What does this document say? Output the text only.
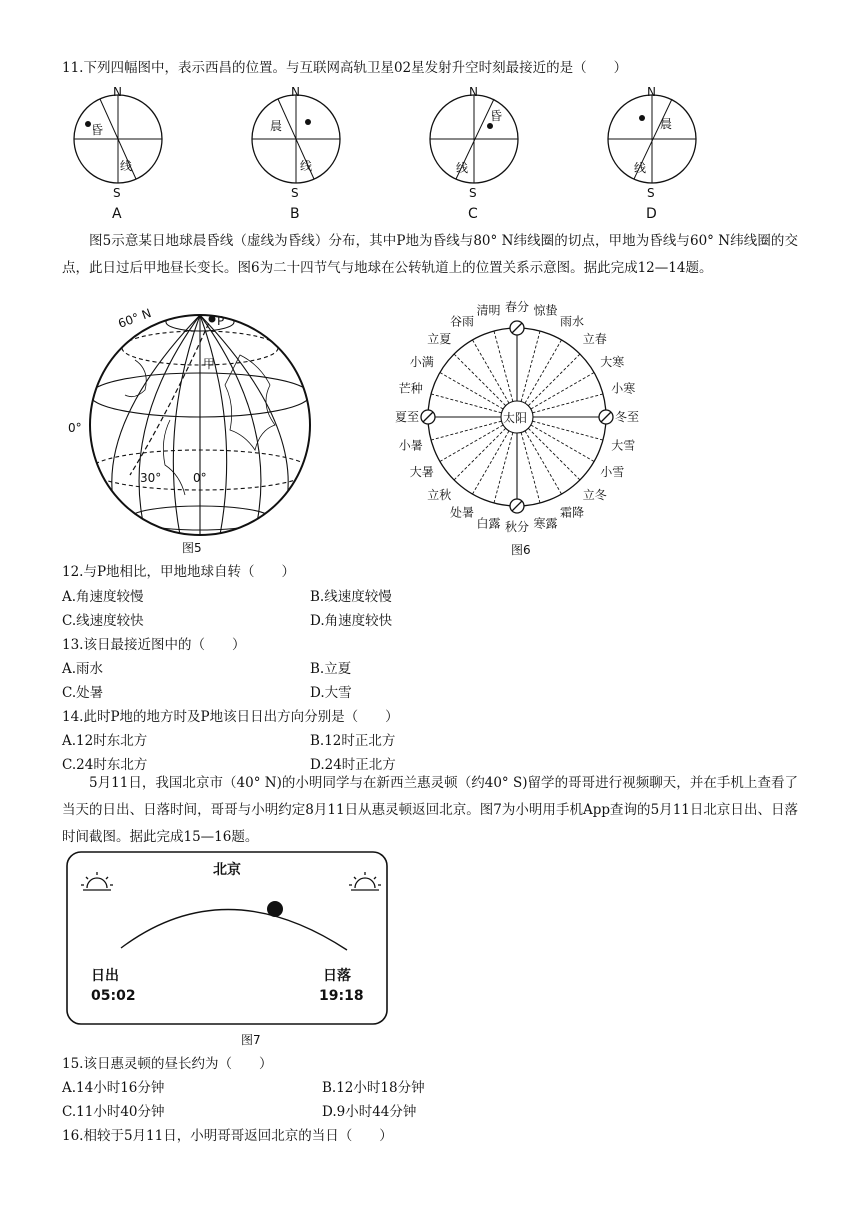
11.下列四幅图中，表示西昌的位置。与互联网高轨卫星02星发射升空时刻最接近的是（　　）
N
S
昏
线
A
N
S
晨
线
B
N
S
昏
线
C
N
S
晨
线
D
图5示意某日地球晨昏线（虚线为昏线）分布，其中P地为昏线与80° N纬线圈的切点，甲地为昏线与60° N纬线圈的交点，此日过后甲地昼长变长。图6为二十四节气与地球在公转轨道上的位置关系示意图。据此完成12—14题。
60° N	P
甲
0°
30°	0°
图5
太阳
春分 惊蛰
雨水
立春
大寒
小寒
冬至
大雪
小雪
立冬
霜降
寒露
秋分
白露
处暑
立秋
大暑
小暑
夏至
芒种
小满
立夏
谷雨
清明
图6
12.与P地相比，甲地地球自转（　　）
A.角速度较慢	B.线速度较慢
C.线速度较快	D.角速度较快
13.该日最接近图中的（　　）
A.雨水	B.立夏
C.处暑	D.大雪
14.此时P地的地方时及P地该日日出方向分别是（　　）
A.12时东北方	B.12时正北方
C.24时东北方	D.24时正北方
5月11日，我国北京市（40° N)的小明同学与在新西兰惠灵顿（约40° S)留学的哥哥进行视频聊天，并在手机上查看了当天的日出、日落时间，哥哥与小明约定8月11日从惠灵顿返回北京。图7为小明用手机App查询的5月11日北京日出、日落时间截图。据此完成15—16题。
北京
日出
05:02
日落
19:18
图7
15.该日惠灵顿的昼长约为（　　）
A.14小时16分钟	B.12小时18分钟
C.11小时40分钟	D.9小时44分钟
16.相较于5月11日，小明哥哥返回北京的当日（　　）
